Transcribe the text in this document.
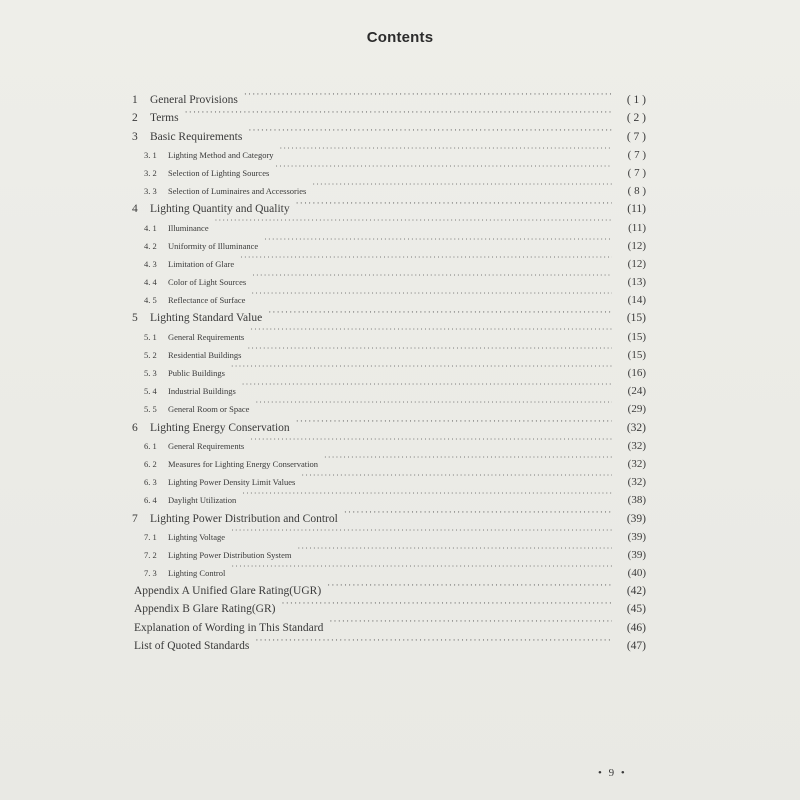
Contents
1	General Provisions ·····	( 1 )
2	Terms ·····	( 2 )
3	Basic Requirements ·····	( 7 )
3. 1	Lighting Method and Category ·····	( 7 )
3. 2	Selection of Lighting Sources ·····	( 7 )
3. 3	Selection of Luminaires and Accessories ·····	( 8 )
4	Lighting Quantity and Quality ·····	(11)
4. 1	Illuminance ·····	(11)
4. 2	Uniformity of Illuminance ·····	(12)
4. 3	Limitation of Glare ·····	(12)
4. 4	Color of Light Sources ·····	(13)
4. 5	Reflectance of Surface ·····	(14)
5	Lighting Standard Value ·····	(15)
5. 1	General Requirements ·····	(15)
5. 2	Residential Buildings ·····	(15)
5. 3	Public Buildings ·····	(16)
5. 4	Industrial Buildings ·····	(24)
5. 5	General Room or Space ·····	(29)
6	Lighting Energy Conservation ·····	(32)
6. 1	General Requirements ·····	(32)
6. 2	Measures for Lighting Energy Conservation ·····	(32)
6. 3	Lighting Power Density Limit Values ·····	(32)
6. 4	Daylight Utilization ·····	(38)
7	Lighting Power Distribution and Control ·····	(39)
7. 1	Lighting Voltage ·····	(39)
7. 2	Lighting Power Distribution System ·····	(39)
7. 3	Lighting Control ·····	(40)
Appendix A Unified Glare Rating(UGR) ·····	(42)
Appendix B Glare Rating(GR) ·····	(45)
Explanation of Wording in This Standard ·····	(46)
List of Quoted Standards ·····	(47)
• 9 •
